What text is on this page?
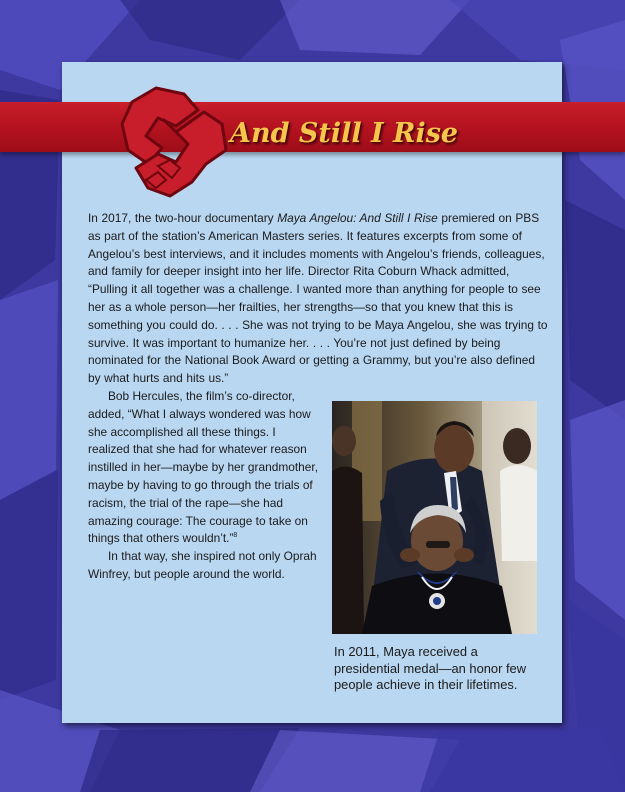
And Still I Rise

In 2017, the two-hour documentary Maya Angelou: And Still I Rise premiered on PBS as part of the station’s American Masters series. It features excerpts from some of Angelou’s best interviews, and it includes moments with Angelou’s friends, colleagues, and family for deeper insight into her life. Director Rita Coburn Whack admitted, “Pulling it all together was a challenge. I wanted more than anything for people to see her as a whole person—her frailties, her strengths—so that you knew that this is something you could do. . . . She was not trying to be Maya Angelou, she was trying to survive. It was important to humanize her. . . . You’re not just defined by being nominated for the National Book Award or getting a Grammy, but you’re also defined by what hurts and hits us.”

Bob Hercules, the film’s co-director, added, “What I always wondered was how she accomplished all these things. I realized that she had for whatever reason instilled in her—maybe by her grandmother, maybe by having to go through the trials of racism, the trial of the rape—she had amazing courage: The courage to take on things that others wouldn’t.”$^8$

In that way, she inspired not only Oprah Winfrey, but people around the world.

In 2011, Maya received a presidential medal—an honor few people achieve in their lifetimes.
